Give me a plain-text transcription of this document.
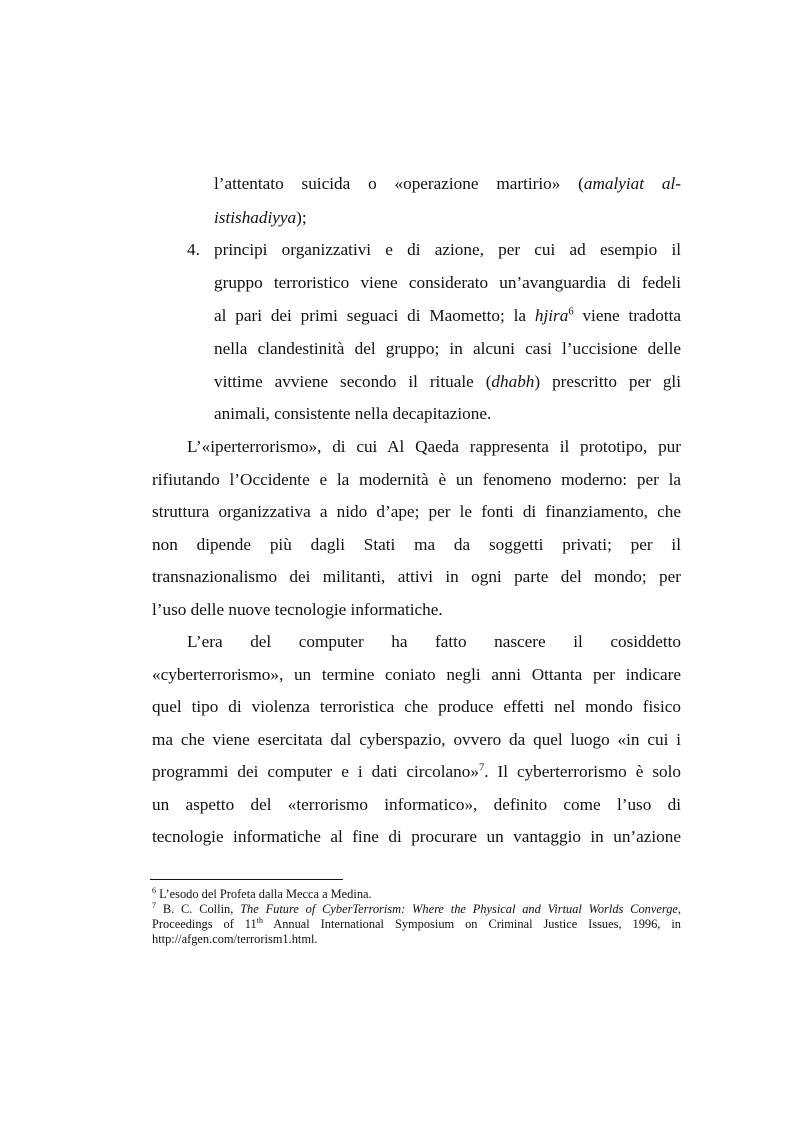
l’attentato suicida o «operazione martirio» (amalyiat al-
istishadiyya);
4. principi organizzativi e di azione, per cui ad esempio il
gruppo terroristico viene considerato un’avanguardia di fedeli
al pari dei primi seguaci di Maometto; la hjira$^6$ viene tradotta
nella clandestinità del gruppo; in alcuni casi l’uccisione delle
vittime avviene secondo il rituale (dhabh) prescritto per gli
animali, consistente nella decapitazione.
L’«iperterrorismo», di cui Al Qaeda rappresenta il prototipo, pur
rifiutando l’Occidente e la modernità è un fenomeno moderno: per la
struttura organizzativa a nido d’ape; per le fonti di finanziamento, che
non dipende più dagli Stati ma da soggetti privati; per il
transnazionalismo dei militanti, attivi in ogni parte del mondo; per
l’uso delle nuove tecnologie informatiche.
L’era del computer ha fatto nascere il cosiddetto
«cyberterrorismo», un termine coniato negli anni Ottanta per indicare
quel tipo di violenza terroristica che produce effetti nel mondo fisico
ma che viene esercitata dal cyberspazio, ovvero da quel luogo «in cui i
programmi dei computer e i dati circolano»$^7$. Il cyberterrorismo è solo
un aspetto del «terrorismo informatico», definito come l’uso di
tecnologie informatiche al fine di procurare un vantaggio in un’azione
$^6$ L’esodo del Profeta dalla Mecca a Medina.
$^7$ B. C. Collin, The Future of CyberTerrorism: Where the Physical and Virtual Worlds Converge,
Proceedings of 11th Annual International Symposium on Criminal Justice Issues, 1996, in
http://afgen.com/terrorism1.html.
